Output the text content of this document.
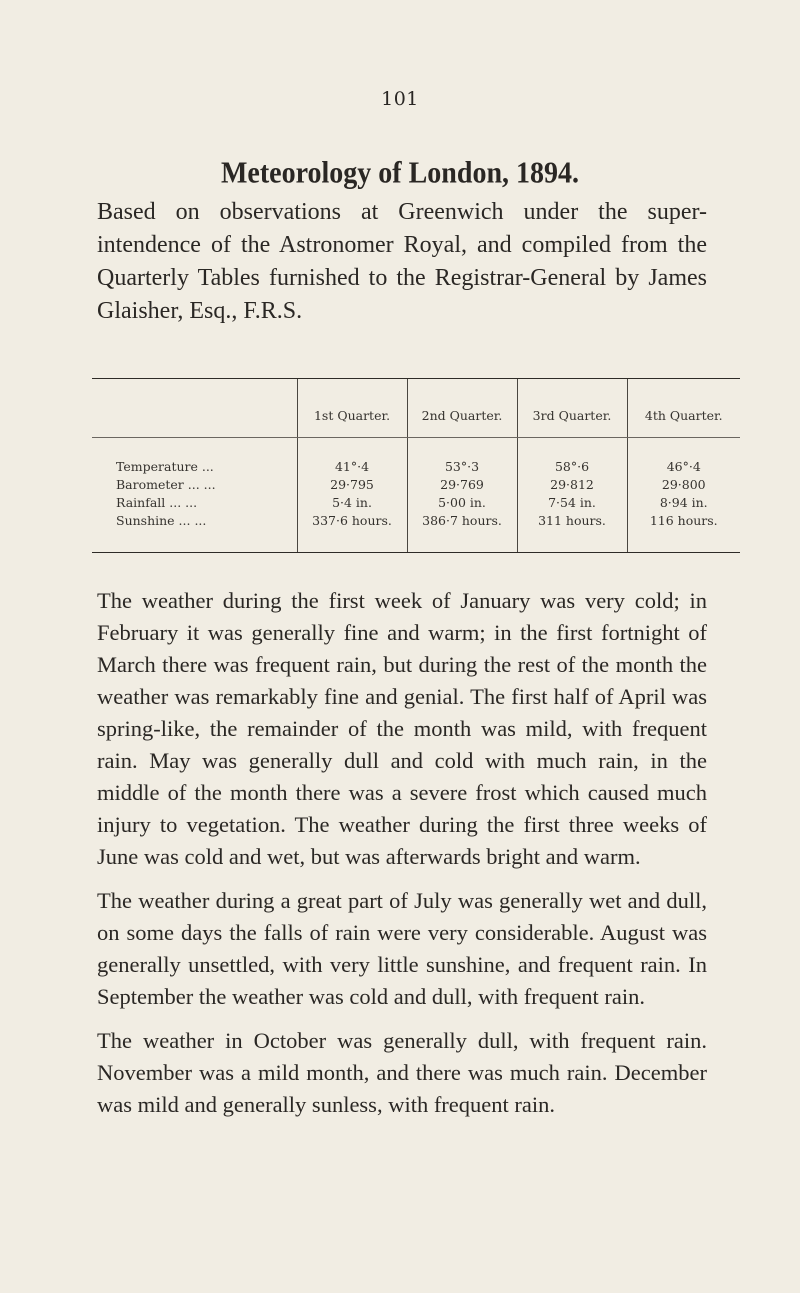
101
Meteorology of London, 1894.
Based on observations at Greenwich under the super-intendence of the Astronomer Royal, and compiled from the Quarterly Tables furnished to the Registrar-General by James Glaisher, Esq., F.R.S.
	1st Quarter.	2nd Quarter.	3rd Quarter.	4th Quarter.
Temperature ...	41°·4	53°·3	58°·6	46°·4
Barometer ... ...	29·795	29·769	29·812	29·800
Rainfall ... ...	5·4 in.	5·00 in.	7·54 in.	8·94 in.
Sunshine ... ...	337·6 hours.	386·7 hours.	311 hours.	116 hours.

The weather during the first week of January was very cold; in February it was generally fine and warm; in the first fortnight of March there was frequent rain, but during the rest of the month the weather was remarkably fine and genial. The first half of April was spring-like, the remainder of the month was mild, with frequent rain. May was generally dull and cold with much rain, in the middle of the month there was a severe frost which caused much injury to vegetation. The weather during the first three weeks of June was cold and wet, but was afterwards bright and warm.

The weather during a great part of July was generally wet and dull, on some days the falls of rain were very considerable. August was generally unsettled, with very little sunshine, and frequent rain. In September the weather was cold and dull, with frequent rain.

The weather in October was generally dull, with frequent rain. November was a mild month, and there was much rain. December was mild and generally sunless, with frequent rain.
